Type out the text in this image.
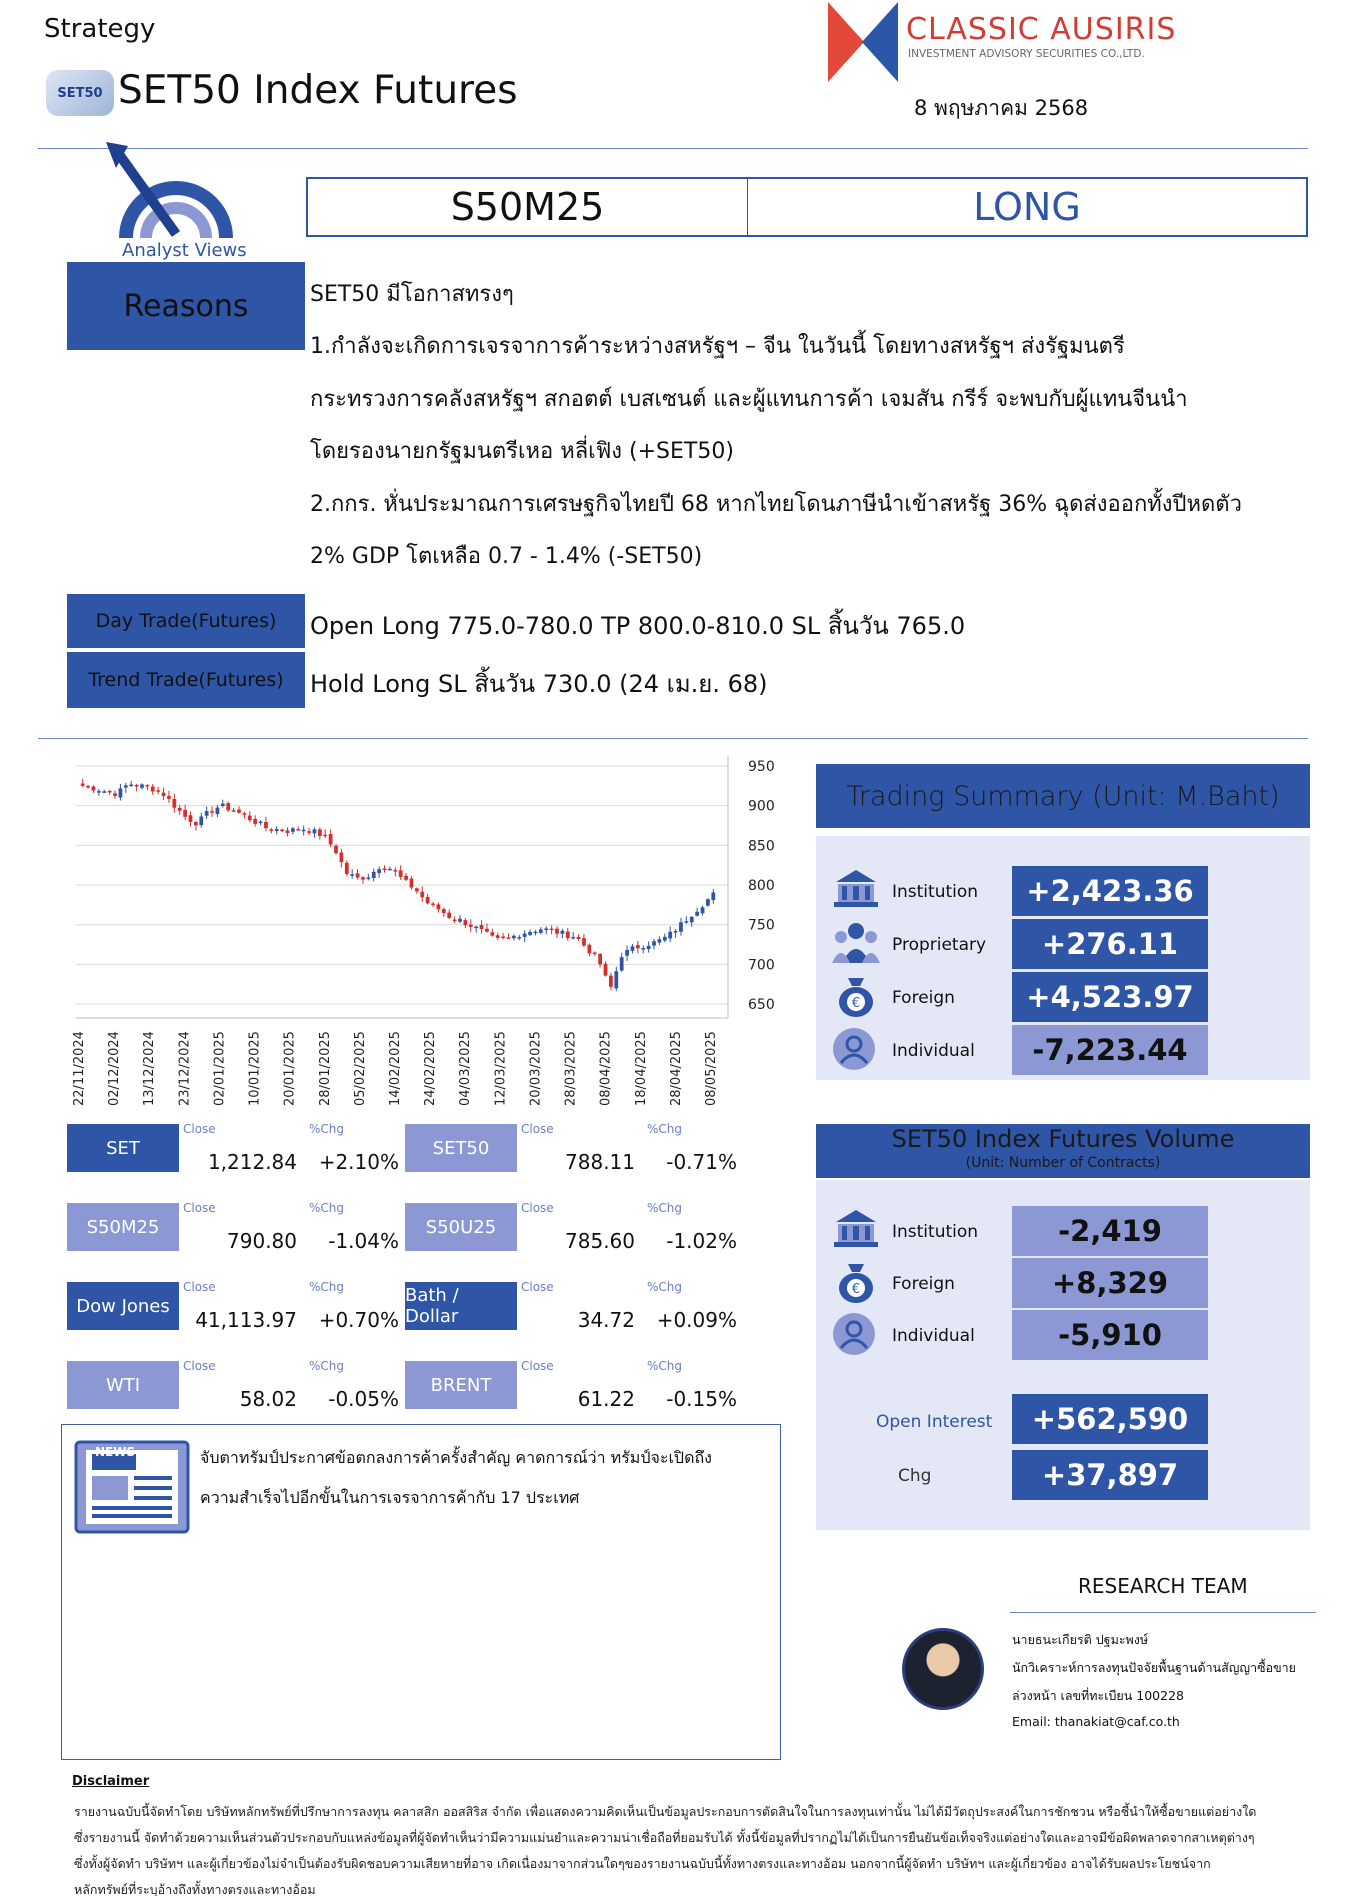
Strategy
SET50 SET50 Index Futures
CLASSIC AUSIRIS
INVESTMENT ADVISORY SECURITIES CO.,LTD.
8 พฤษภาคม 2568
Analyst Views
S50M25	LONG
Reasons	SET50 มีโอกาสทรงๆ
1.กำลังจะเกิดการเจรจาการค้าระหว่างสหรัฐฯ – จีน ในวันนี้ โดยทางสหรัฐฯ ส่งรัฐมนตรี
กระทรวงการคลังสหรัฐฯ สกอตต์ เบสเซนต์ และผู้แทนการค้า เจมสัน กรีร์ จะพบกับผู้แทนจีนนำ
โดยรองนายกรัฐมนตรีเหอ หลี่เฟิง (+SET50)
2.กกร. หั่นประมาณการเศรษฐกิจไทยปี 68 หากไทยโดนภาษีนำเข้าสหรัฐ 36% ฉุดส่งออกทั้งปีหดตัว
2% GDP โตเหลือ 0.7 - 1.4% (-SET50)
Day Trade(Futures)	Open Long 775.0-780.0 TP 800.0-810.0 SL สิ้นวัน 765.0
Trend Trade(Futures)	Hold Long SL สิ้นวัน 730.0 (24 เม.ย. 68)
650
700
750
800
850
900
950
22/11/2024 02/12/2024 13/12/2024 23/12/2024 02/01/2025 10/01/2025 20/01/2025 28/01/2025 05/02/2025 14/02/2025 24/02/2025 04/03/2025 12/03/2025 20/03/2025 28/03/2025 08/04/2025 18/04/2025 28/04/2025 08/05/2025
SET
Close	%Chg
1,212.84	+2.10%
SET50
Close	%Chg
788.11	-0.71%
S50M25
Close	%Chg
790.80	-1.04%
S50U25
Close	%Chg
785.60	-1.02%
Dow Jones
Close	%Chg
41,113.97	+0.70%
Bath / Dollar
Close	%Chg
34.72	+0.09%
WTI
Close	%Chg
58.02	-0.05%
BRENT
Close	%Chg
61.22	-0.15%
NEWS	จับตาทรัมป์ประกาศข้อตกลงการค้าครั้งสำคัญ คาดการณ์ว่า ทรัมป์จะเปิดถึง
ความสำเร็จไปอีกขั้นในการเจรจาการค้ากับ 17 ประเทศ
Trading Summary (Unit: M.Baht)
Institution	+2,423.36
Proprietary	+276.11
€ Foreign	+4,523.97
Individual	-7,223.44
SET50 Index Futures Volume
(Unit: Number of Contracts)
Institution	-2,419
€ Foreign	+8,329
Individual	-5,910
Open Interest	+562,590
Chg	+37,897
RESEARCH TEAM
นายธนะเกียรติ ปฐมะพงษ์
นักวิเคราะห์การลงทุนปัจจัยพื้นฐานด้านสัญญาซื้อขาย
ล่วงหน้า เลขที่ทะเบียน 100228
Email: thanakiat@caf.co.th
Disclaimer
รายงานฉบับนี้จัดทำโดย บริษัทหลักทรัพย์ที่ปรึกษาการลงทุน คลาสสิก ออสสิริส จำกัด เพื่อแสดงความคิดเห็นเป็นข้อมูลประกอบการตัดสินใจในการลงทุนเท่านั้น ไม่ได้มีวัตถุประสงค์ในการชักชวน หรือชี้นำให้ซื้อขายแต่อย่างใด
ซึ่งรายงานนี้ จัดทำด้วยความเห็นส่วนตัวประกอบกับแหล่งข้อมูลที่ผู้จัดทำเห็นว่ามีความแม่นยำและความน่าเชื่อถือที่ยอมรับได้ ทั้งนี้ข้อมูลที่ปรากฏไม่ได้เป็นการยืนยันข้อเท็จจริงแต่อย่างใดและอาจมีข้อผิดพลาดจากสาเหตุต่างๆ
ซึ่งทั้งผู้จัดทำ บริษัทฯ และผู้เกี่ยวข้องไม่จำเป็นต้องรับผิดชอบความเสียหายที่อาจ เกิดเนื่องมาจากส่วนใดๆของรายงานฉบับนี้ทั้งทางตรงและทางอ้อม นอกจากนี้ผู้จัดทำ บริษัทฯ และผู้เกี่ยวข้อง อาจได้รับผลประโยชน์จาก
หลักทรัพย์ที่ระบุอ้างถึงทั้งทางตรงและทางอ้อม
